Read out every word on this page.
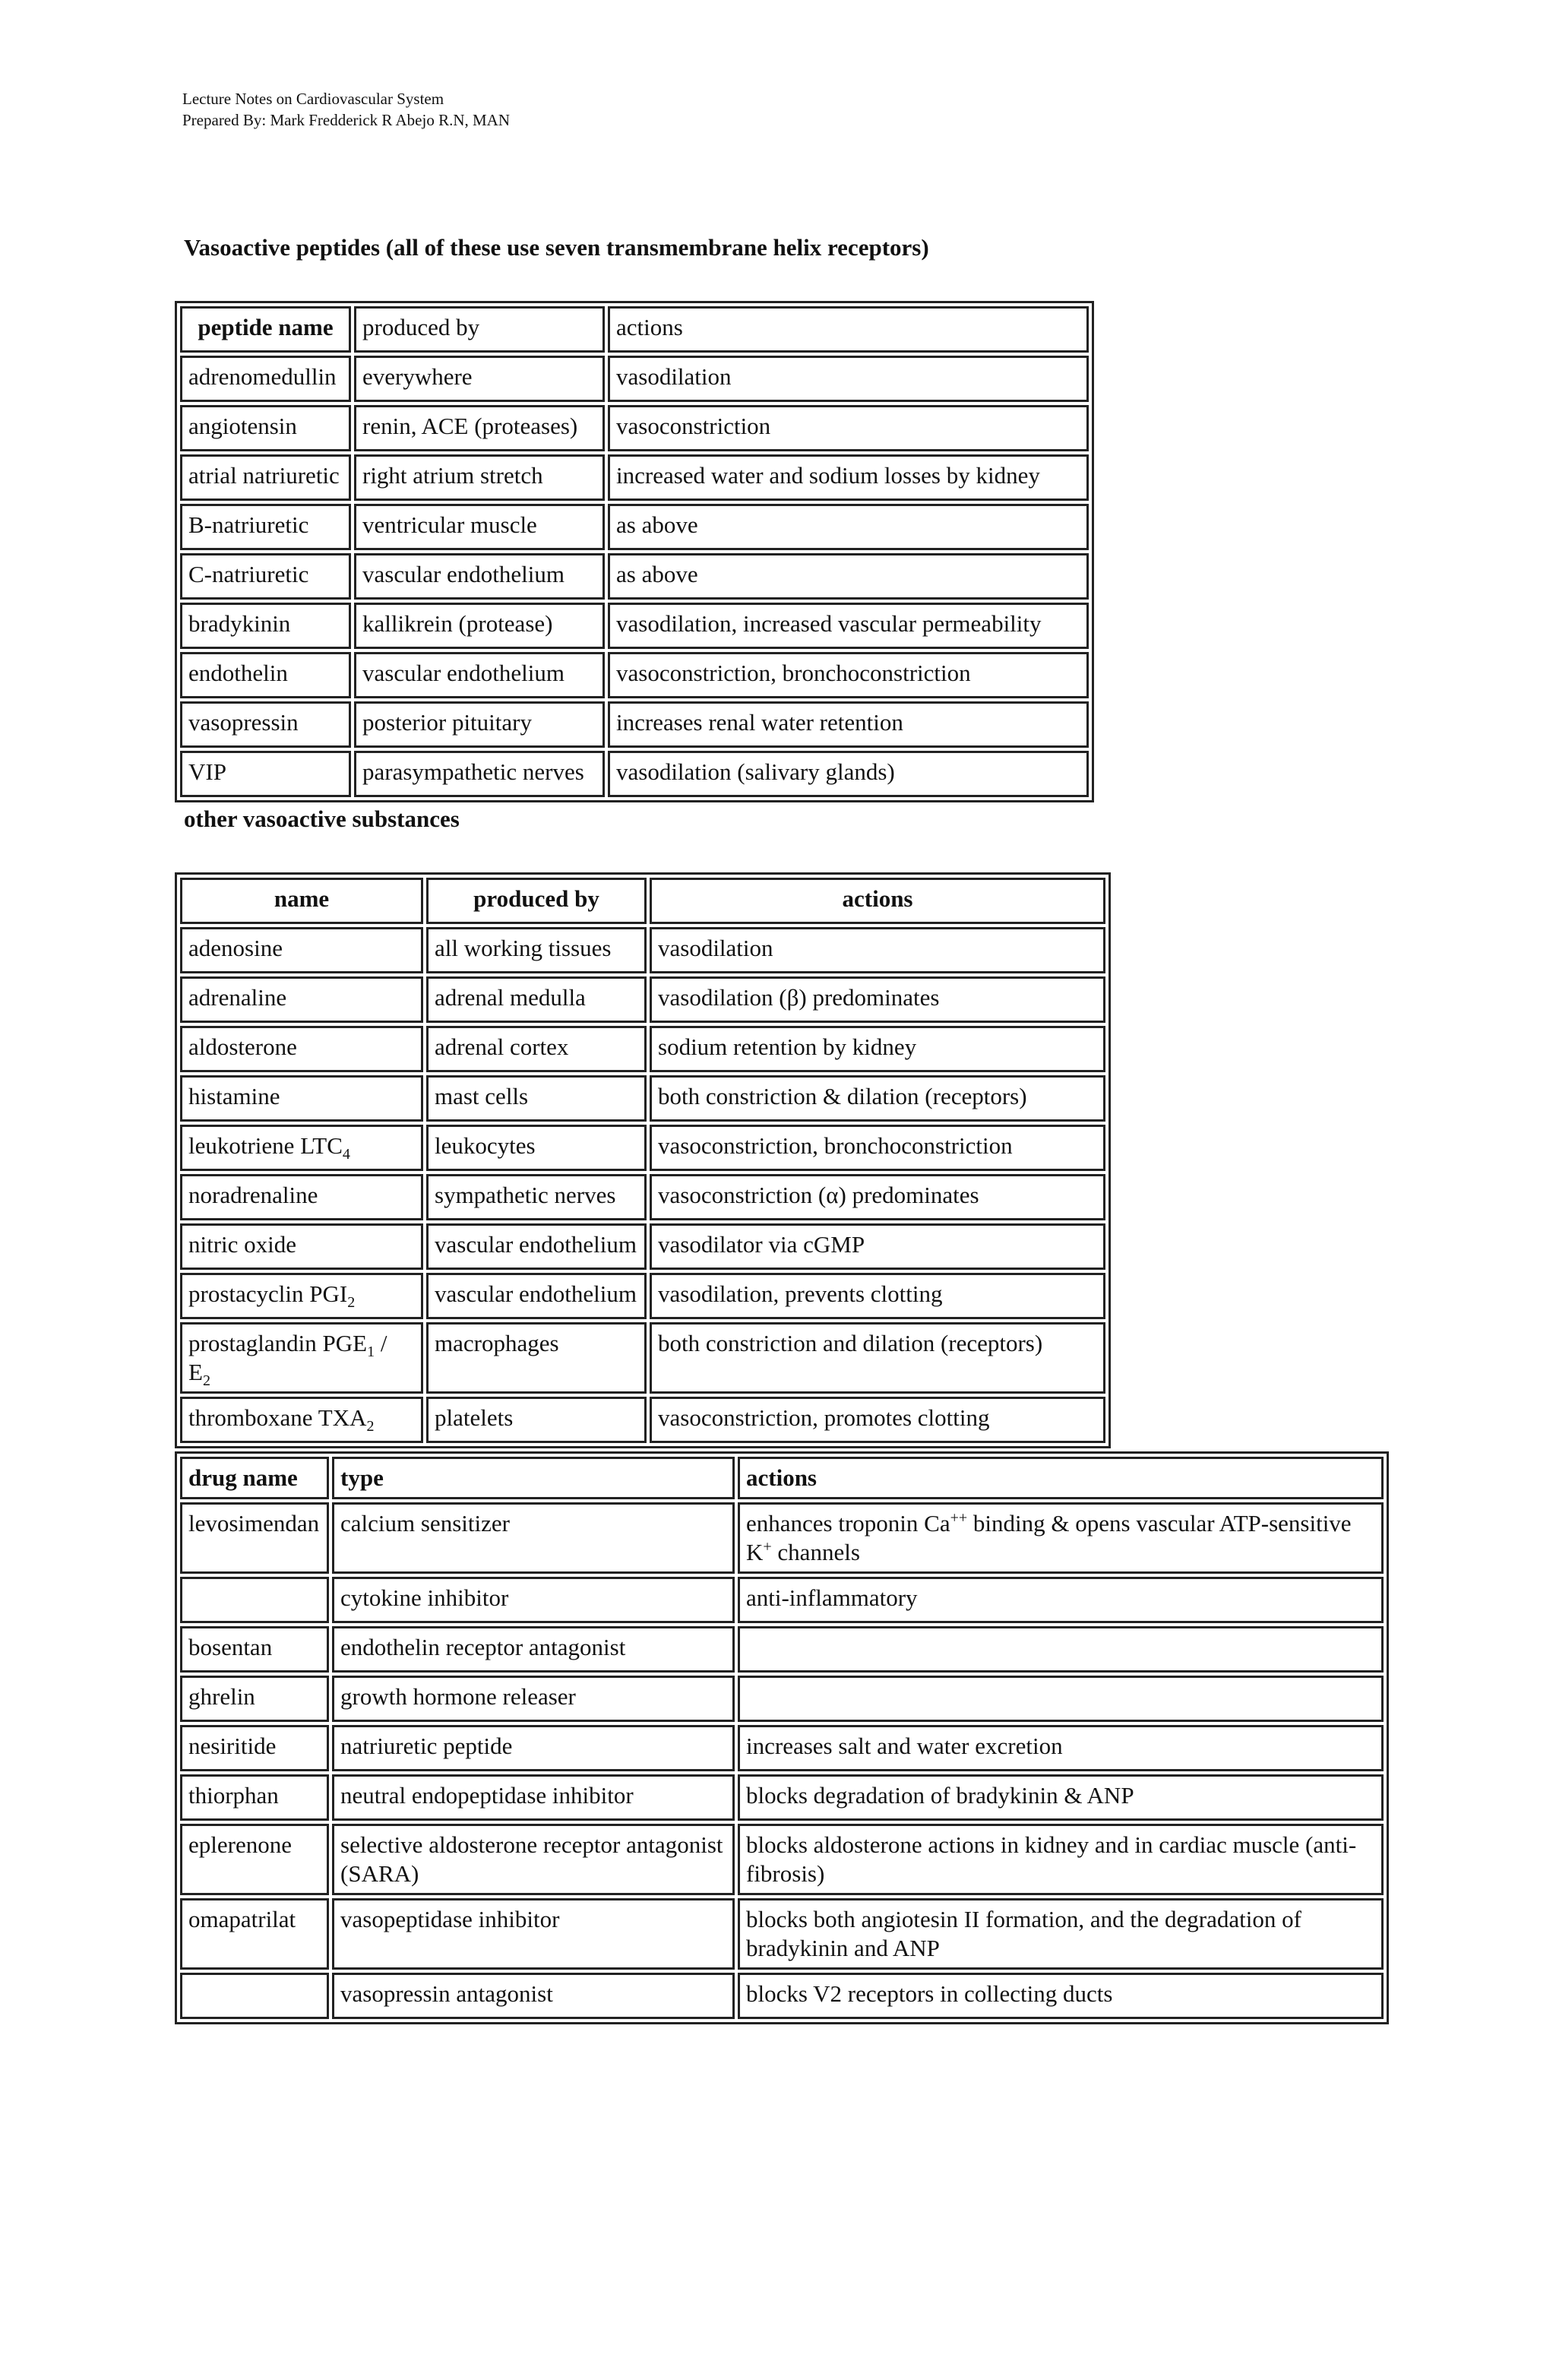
Lecture Notes on Cardiovascular System
Prepared By: Mark Fredderick R Abejo R.N, MAN
Vasoactive peptides (all of these use seven transmembrane helix receptors)
peptide name	produced by	actions
adrenomedullin	everywhere	vasodilation
angiotensin	renin, ACE (proteases)	vasoconstriction
atrial natriuretic	right atrium stretch	increased water and sodium losses by kidney
B-natriuretic	ventricular muscle	as above
C-natriuretic	vascular endothelium	as above
bradykinin	kallikrein (protease)	vasodilation, increased vascular permeability
endothelin	vascular endothelium	vasoconstriction, bronchoconstriction
vasopressin	posterior pituitary	increases renal water retention
VIP	parasympathetic nerves	vasodilation (salivary glands)
other vasoactive substances
name	produced by	actions
adenosine	all working tissues	vasodilation
adrenaline	adrenal medulla	vasodilation (β) predominates
aldosterone	adrenal cortex	sodium retention by kidney
histamine	mast cells	both constriction & dilation (receptors)
leukotriene $LTC_4$	leukocytes	vasoconstriction, bronchoconstriction
noradrenaline	sympathetic nerves	vasoconstriction (α) predominates
nitric oxide	vascular endothelium	vasodilator via cGMP
prostacyclin $PGI_2$	vascular endothelium	vasodilation, prevents clotting
prostaglandin $PGE_1 / E_2$	macrophages	both constriction and dilation (receptors)
thromboxane $TXA_2$	platelets	vasoconstriction, promotes clotting
drug name	type	actions
levosimendan	calcium sensitizer	enhances troponin Ca++ binding & opens vascular ATP-sensitive K+ channels
	cytokine inhibitor	anti-inflammatory
bosentan	endothelin receptor antagonist	
ghrelin	growth hormone releaser	
nesiritide	natriuretic peptide	increases salt and water excretion
thiorphan	neutral endopeptidase inhibitor	blocks degradation of bradykinin & ANP
eplerenone	selective aldosterone receptor antagonist (SARA)	blocks aldosterone actions in kidney and in cardiac muscle (anti-fibrosis)
omapatrilat	vasopeptidase inhibitor	blocks both angiotesin II formation, and the degradation of bradykinin and ANP
	vasopressin antagonist	blocks V2 receptors in collecting ducts
